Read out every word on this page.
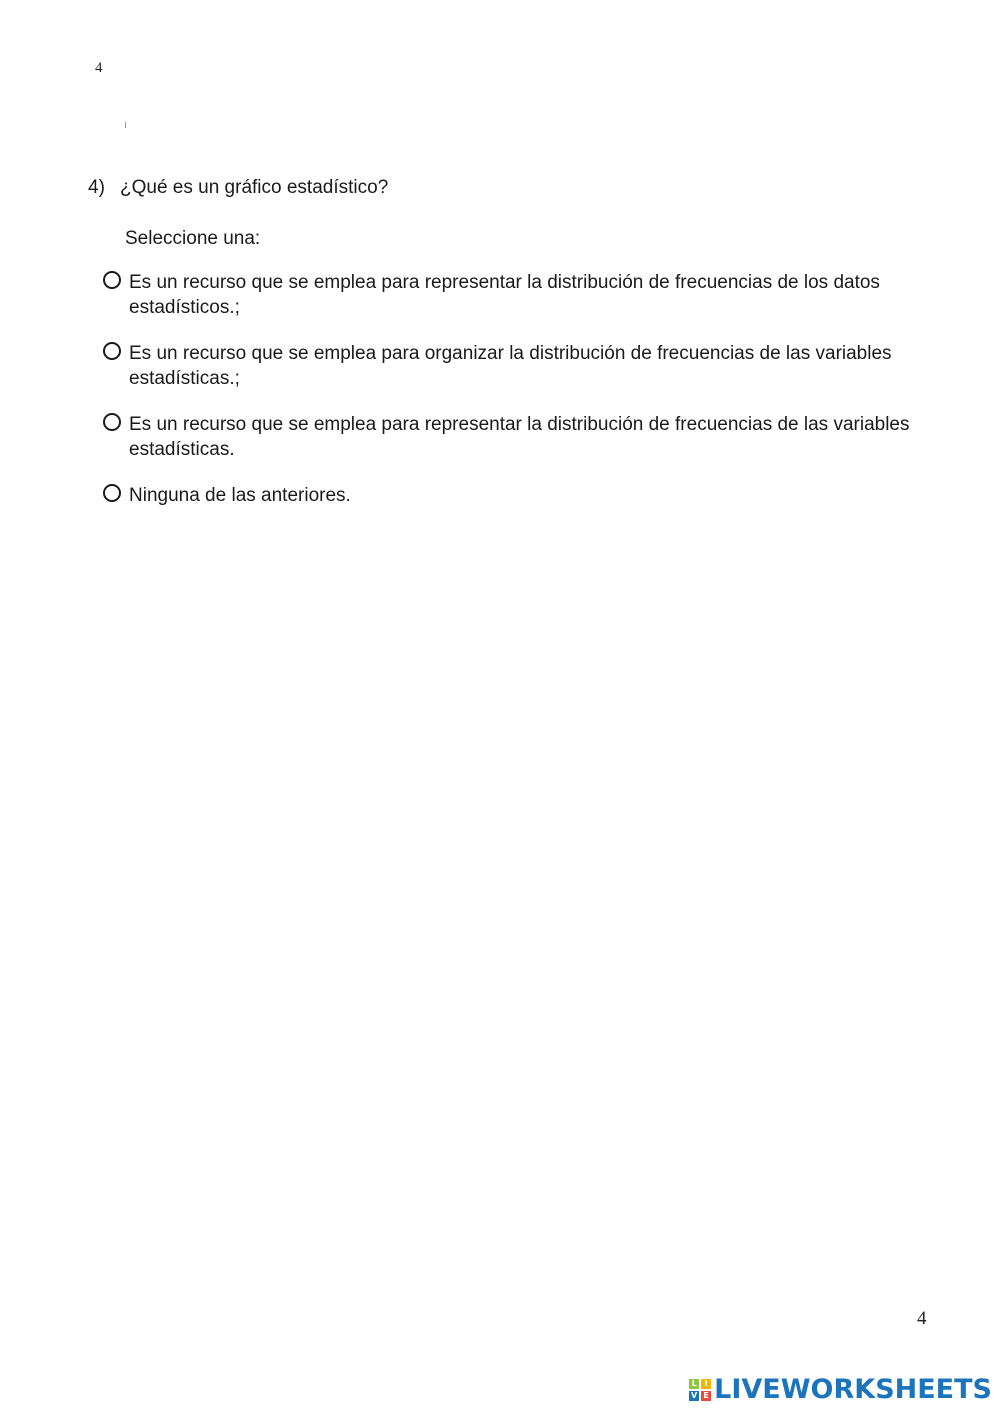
4
4) ¿Qué es un gráfico estadístico?
Seleccione una:
Es un recurso que se emplea para representar la distribución de frecuencias de los datos estadísticos.;
Es un recurso que se emplea para organizar la distribución de frecuencias de las variables estadísticas.;
Es un recurso que se emplea para representar la distribución de frecuencias de las variables estadísticas.
Ninguna de las anteriores.
4
L I
V E LIVEWORKSHEETS
